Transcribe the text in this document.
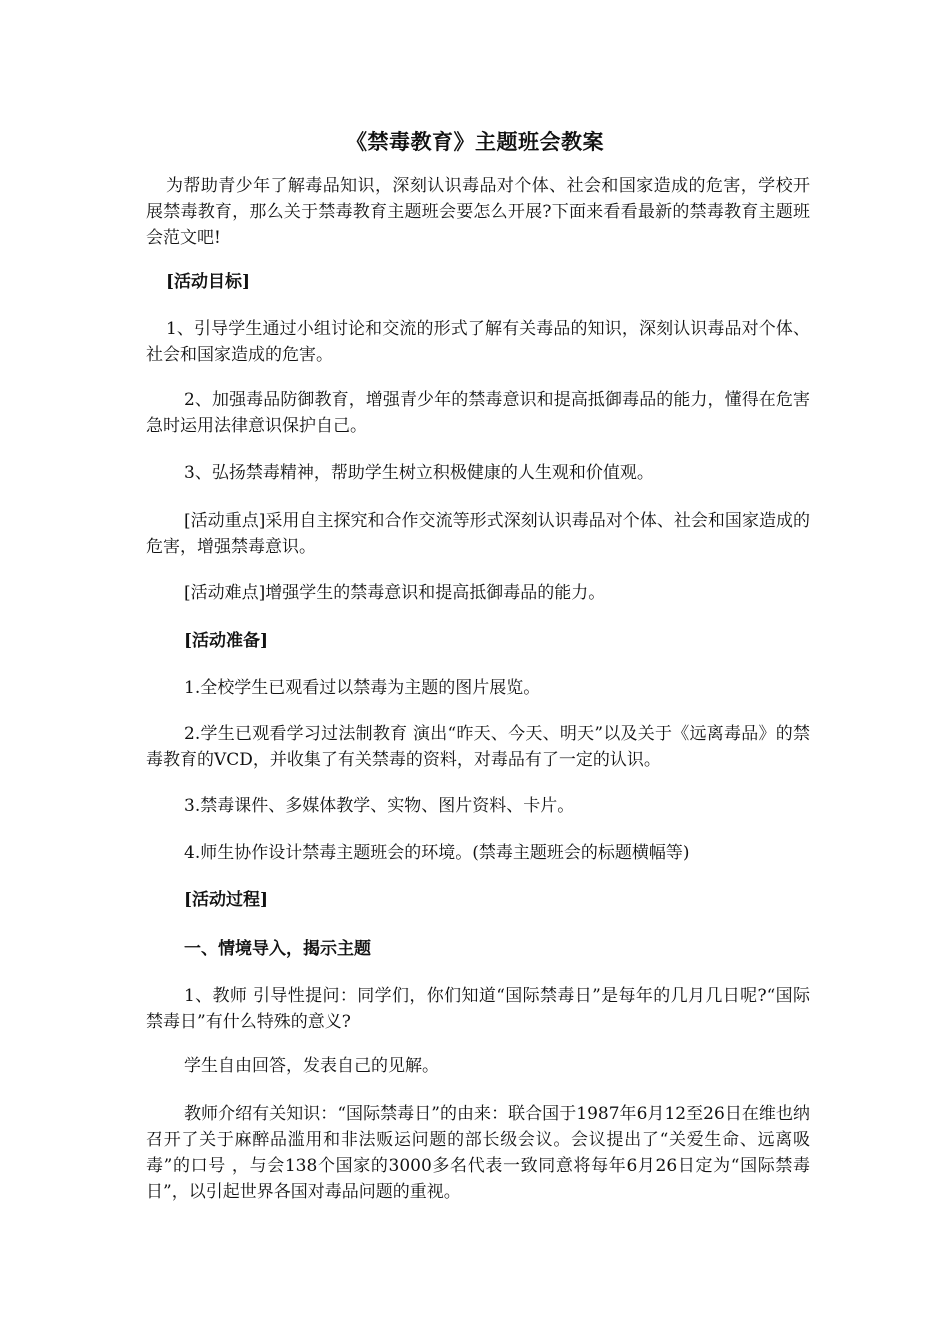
《禁毒教育》主题班会教案
为帮助青少年了解毒品知识，深刻认识毒品对个体、社会和国家造成的危害，学校开展禁毒教育，那么关于禁毒教育主题班会要怎么开展?下面来看看最新的禁毒教育主题班会范文吧!
[活动目标]
1、引导学生通过小组讨论和交流的形式了解有关毒品的知识，深刻认识毒品对个体、社会和国家造成的危害。
2、加强毒品防御教育，增强青少年的禁毒意识和提高抵御毒品的能力，懂得在危害急时运用法律意识保护自己。
3、弘扬禁毒精神，帮助学生树立积极健康的人生观和价值观。
[活动重点]采用自主探究和合作交流等形式深刻认识毒品对个体、社会和国家造成的危害，增强禁毒意识。
[活动难点]增强学生的禁毒意识和提高抵御毒品的能力。
[活动准备]
1.全校学生已观看过以禁毒为主题的图片展览。
2.学生已观看学习过法制教育 演出“昨天、今天、明天”以及关于《远离毒品》的禁毒教育的VCD，并收集了有关禁毒的资料，对毒品有了一定的认识。
3.禁毒课件、多媒体教学、实物、图片资料、卡片。
4.师生协作设计禁毒主题班会的环境。(禁毒主题班会的标题横幅等)
[活动过程]
一、情境导入，揭示主题
1、教师 引导性提问：同学们，你们知道“国际禁毒日”是每年的几月几日呢?“国际禁毒日”有什么特殊的意义?
学生自由回答，发表自己的见解。
教师介绍有关知识：“国际禁毒日”的由来：联合国于1987年6月12至26日在维也纳召开了关于麻醉品滥用和非法贩运问题的部长级会议。会议提出了“关爱生命、远离吸毒”的口号 ，与会138个国家的3000多名代表一致同意将每年6月26日定为“国际禁毒日”，以引起世界各国对毒品问题的重视。
